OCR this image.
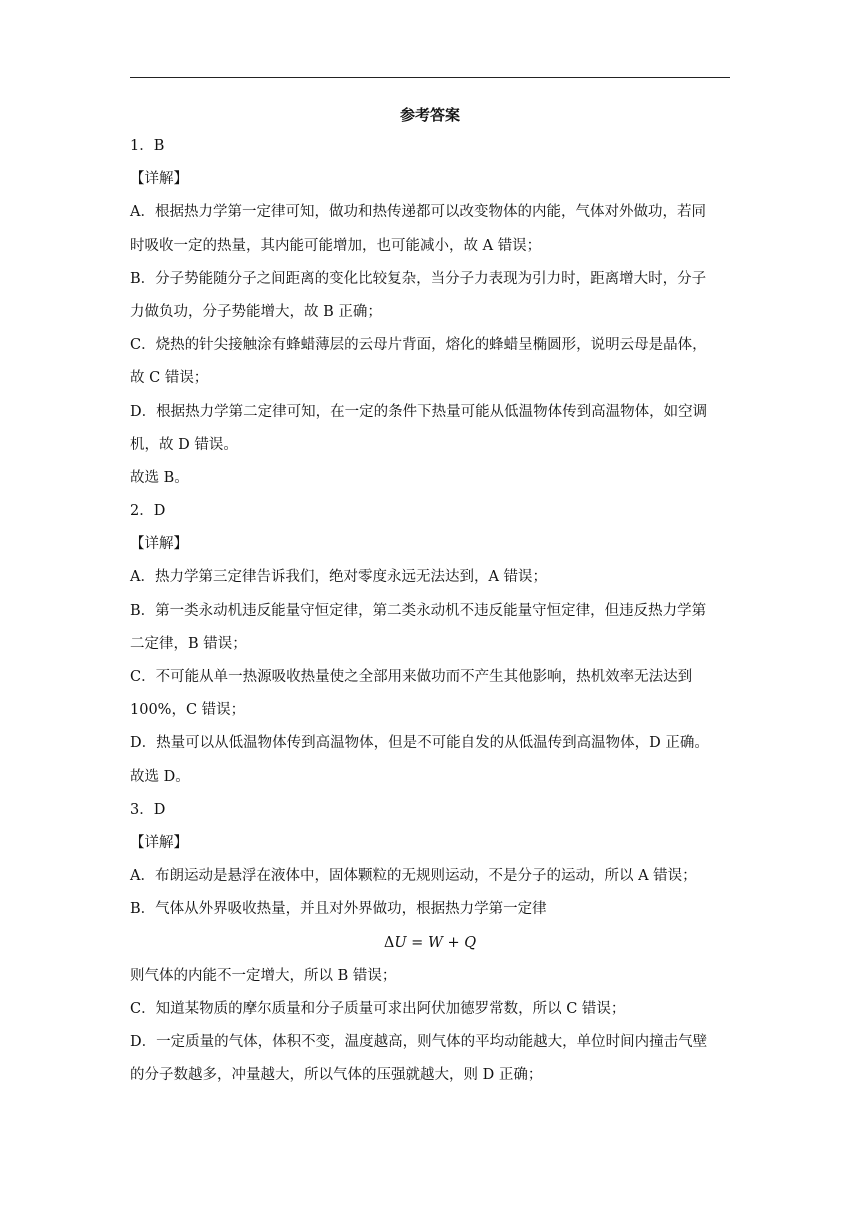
参考答案
1．B
【详解】
A．根据热力学第一定律可知，做功和热传递都可以改变物体的内能，气体对外做功，若同
时吸收一定的热量，其内能可能增加，也可能减小，故 A 错误；
B．分子势能随分子之间距离的变化比较复杂，当分子力表现为引力时，距离增大时，分子
力做负功，分子势能增大，故 B 正确；
C．烧热的针尖接触涂有蜂蜡薄层的云母片背面，熔化的蜂蜡呈椭圆形，说明云母是晶体，
故 C 错误；
D．根据热力学第二定律可知，在一定的条件下热量可能从低温物体传到高温物体，如空调
机，故 D 错误。
故选 B。
2．D
【详解】
A．热力学第三定律告诉我们，绝对零度永远无法达到，A 错误；
B．第一类永动机违反能量守恒定律，第二类永动机不违反能量守恒定律，但违反热力学第
二定律，B 错误；
C．不可能从单一热源吸收热量使之全部用来做功而不产生其他影响，热机效率无法达到
100%，C 错误；
D．热量可以从低温物体传到高温物体，但是不可能自发的从低温传到高温物体，D 正确。
故选 D。
3．D
【详解】
A．布朗运动是悬浮在液体中，固体颗粒的无规则运动，不是分子的运动，所以 A 错误；
B．气体从外界吸收热量，并且对外界做功，根据热力学第一定律
ΔU = W + Q
则气体的内能不一定增大，所以 B 错误；
C．知道某物质的摩尔质量和分子质量可求出阿伏加德罗常数，所以 C 错误；
D．一定质量的气体，体积不变，温度越高，则气体的平均动能越大，单位时间内撞击气壁
的分子数越多，冲量越大，所以气体的压强就越大，则 D 正确；
